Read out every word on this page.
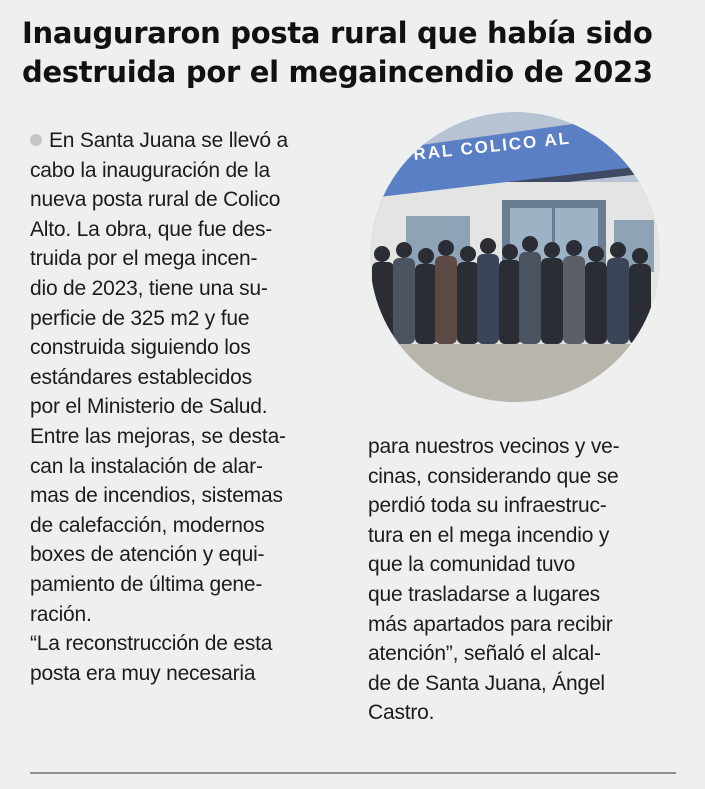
Inauguraron posta rural que había sido
destruida por el megaincendio de 2023

En Santa Juana se llevó a

cabo la inauguración de la

nueva posta rural de Colico

Alto. La obra, que fue des-

truida por el mega incen-

dio de 2023, tiene una su-

perficie de 325 m2 y fue

construida siguiendo los

estándares establecidos

por el Ministerio de Salud.

Entre las mejoras, se desta-

can la instalación de alar-

mas de incendios, sistemas

de calefacción, modernos

boxes de atención y equi-

pamiento de última gene-

ración.

“La reconstrucción de esta

posta era muy necesaria

RAL COLICO AL

para nuestros vecinos y ve-

cinas, considerando que se

perdió toda su infraestruc-

tura en el mega incendio y

que la comunidad tuvo

que trasladarse a lugares

más apartados para recibir

atención”, señaló el alcal-

de de Santa Juana, Ángel

Castro.
